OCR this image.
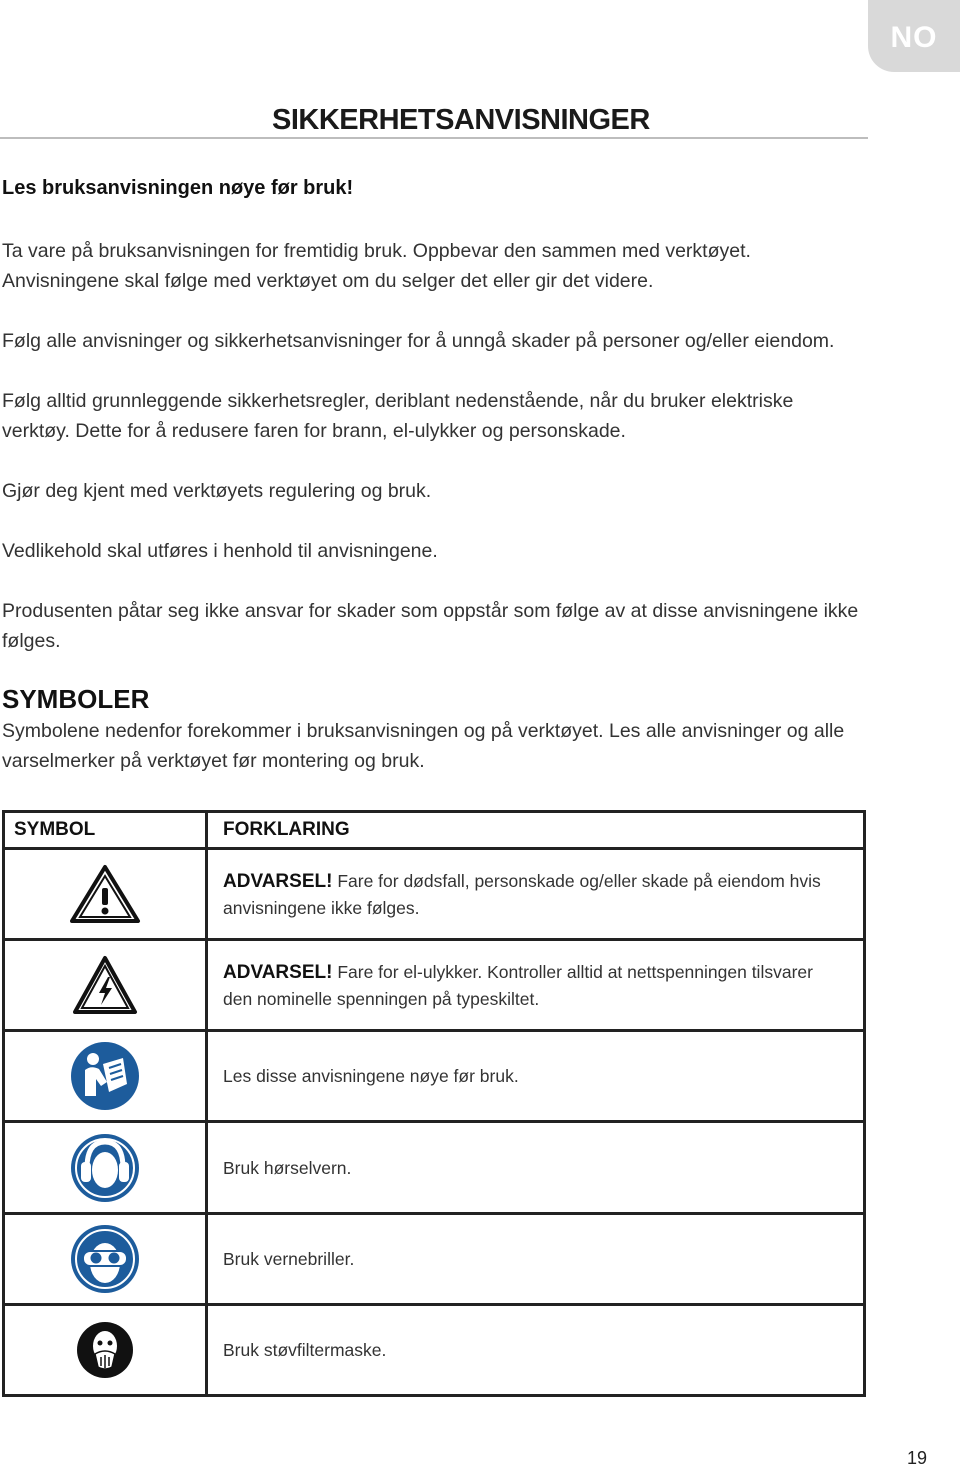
NO
SIKKERHETSANVISNINGER

Les bruksanvisningen nøye før bruk!

Ta vare på bruksanvisningen for fremtidig bruk. Oppbevar den sammen med verktøyet. Anvisningene skal følge med verktøyet om du selger det eller gir det videre.

Følg alle anvisninger og sikkerhetsanvisninger for å unngå skader på personer og/eller eiendom.

Følg alltid grunnleggende sikkerhetsregler, deriblant nedenstående, når du bruker elektriske verktøy. Dette for å redusere faren for brann, el-ulykker og personskade.

Gjør deg kjent med verktøyets regulering og bruk.

Vedlikehold skal utføres i henhold til anvisningene.

Produsenten påtar seg ikke ansvar for skader som oppstår som følge av at disse anvisningene ikke følges.

SYMBOLER

Symbolene nedenfor forekommer i bruksanvisningen og på verktøyet. Les alle anvisninger og alle varselmerker på verktøyet før montering og bruk.

SYMBOL	FORKLARING

	ADVARSEL! Fare for dødsfall, personskade og/eller skade på eiendom hvis anvisningene ikke følges.

	ADVARSEL! Fare for el-ulykker. Kontroller alltid at nettspenningen tilsvarer den nominelle spenningen på typeskiltet.

	Les disse anvisningene nøye før bruk.

	Bruk hørselvern.

	Bruk vernebriller.

	Bruk støvfiltermaske.
19
